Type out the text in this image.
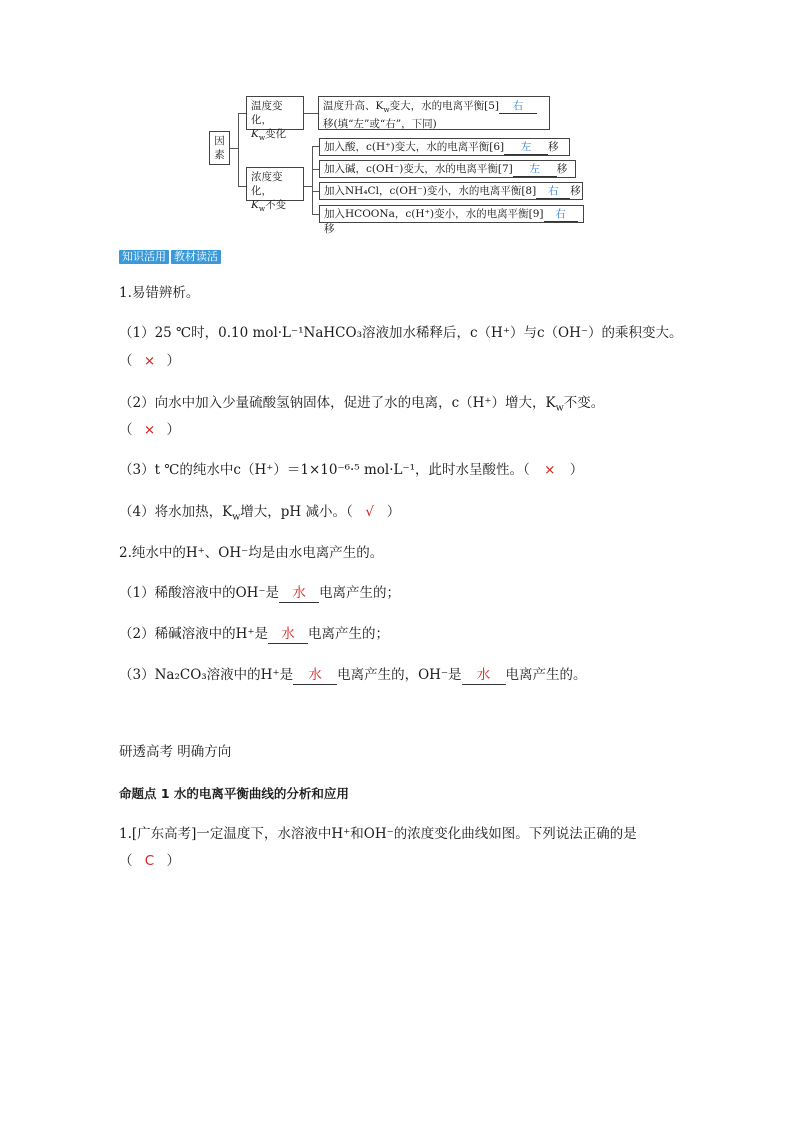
因
素
温度变化，
$K_w$变化
浓度变化，
$K_w$不变
温度升高、$K_w$变大，水的电离平衡[5] 右
移(填“左”或“右”，下同)
加入酸，c(H⁺)变大，水的电离平衡[6] 左 移
加入碱，c(OH⁻)变大，水的电离平衡[7] 左 移
加入NH₄Cl，c(OH⁻)变小，水的电离平衡[8] 右 移
加入HCOONa，c(H⁺)变小，水的电离平衡[9] 右移
知识活用 教材读活
1.易错辨析。
（1）25 ℃时，0.10 mol·L⁻¹NaHCO₃溶液加水稀释后，c（H⁺）与c（OH⁻）的乘积变大。
（ × ）
（2）向水中加入少量硫酸氢钠固体，促进了水的电离，c（H⁺）增大，$K_w$不变。
（ × ）
（3）t ℃的纯水中c（H⁺）＝1×10⁻⁶·⁵ mol·L⁻¹，此时水呈酸性。（ × ）
（4）将水加热，$K_w$增大，pH 减小。（ √ ）
2.纯水中的H⁺、OH⁻均是由水电离产生的。
（1）稀酸溶液中的OH⁻是 水 电离产生的；
（2）稀碱溶液中的H⁺是 水 电离产生的；
（3）Na₂CO₃溶液中的H⁺是 水 电离产生的，OH⁻是 水 电离产生的。
研透高考 明确方向
命题点 1 水的电离平衡曲线的分析和应用
1.[广东高考]一定温度下，水溶液中H⁺和OH⁻的浓度变化曲线如图。下列说法正确的是
（ C ）
